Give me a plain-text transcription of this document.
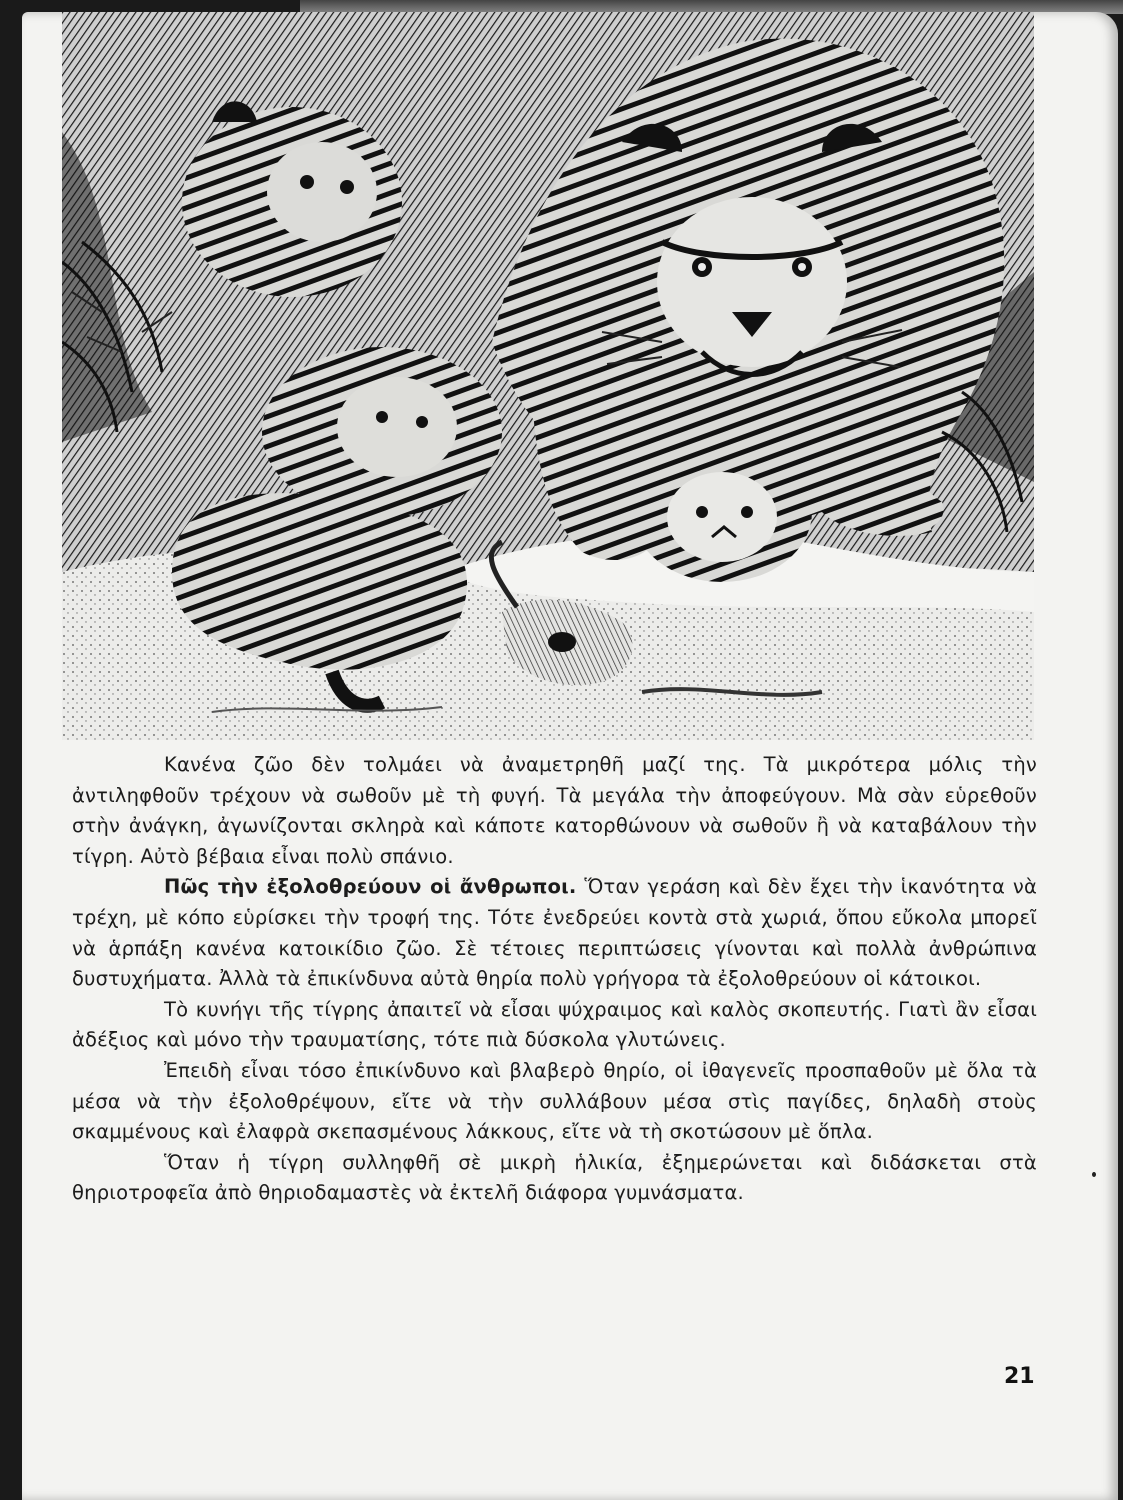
Κανένα ζῶο δὲν τολμάει νὰ ἀναμετρηθῆ μαζί της. Τὰ μικρότερα μόλις τὴν ἀντιληφθοῦν τρέχουν νὰ σωθοῦν μὲ τὴ φυγή. Τὰ μεγάλα τὴν ἀποφεύγουν. Μὰ σὰν εὑρεθοῦν στὴν ἀνάγκη, ἀγωνίζονται σκληρὰ καὶ κάποτε κατορθώνουν νὰ σωθοῦν ἢ νὰ καταβάλουν τὴν τίγρη. Αὐτὸ βέβαια εἶναι πολὺ σπάνιο.

Πῶς τὴν ἐξολοθρεύουν οἱ ἄνθρωποι. Ὅταν γεράση καὶ δὲν ἔχει τὴν ἱκανότητα νὰ τρέχη, μὲ κόπο εὑρίσκει τὴν τροφή της. Τότε ἐνεδρεύει κοντὰ στὰ χωριά, ὅπου εὔκολα μπορεῖ νὰ ἁρπάξη κανένα κατοικίδιο ζῶο. Σὲ τέτοιες περιπτώσεις γίνονται καὶ πολλὰ ἀνθρώπινα δυστυχήματα. Ἀλλὰ τὰ ἐπικίνδυνα αὐτὰ θηρία πολὺ γρήγορα τὰ ἐξολοθρεύουν οἱ κάτοικοι.

Τὸ κυνήγι τῆς τίγρης ἀπαιτεῖ νὰ εἶσαι ψύχραιμος καὶ καλὸς σκοπευτής. Γιατὶ ἂν εἶσαι ἀδέξιος καὶ μόνο τὴν τραυματίσης, τότε πιὰ δύσκολα γλυτώνεις.

Ἐπειδὴ εἶναι τόσο ἐπικίνδυνο καὶ βλαβερὸ θηρίο, οἱ ἰθαγενεῖς προσπαθοῦν μὲ ὅλα τὰ μέσα νὰ τὴν ἐξολοθρέψουν, εἴτε νὰ τὴν συλλάβουν μέσα στὶς παγίδες, δηλαδὴ στοὺς σκαμμένους καὶ ἐλαφρὰ σκεπασμένους λάκκους, εἴτε νὰ τὴ σκοτώσουν μὲ ὅπλα.

Ὅταν ἡ τίγρη συλληφθῆ σὲ μικρὴ ἡλικία, ἐξημερώνεται καὶ διδάσκεται στὰ θηριοτροφεῖα ἀπὸ θηριοδαμαστὲς νὰ ἐκτελῆ διάφορα γυμνάσματα.

21
